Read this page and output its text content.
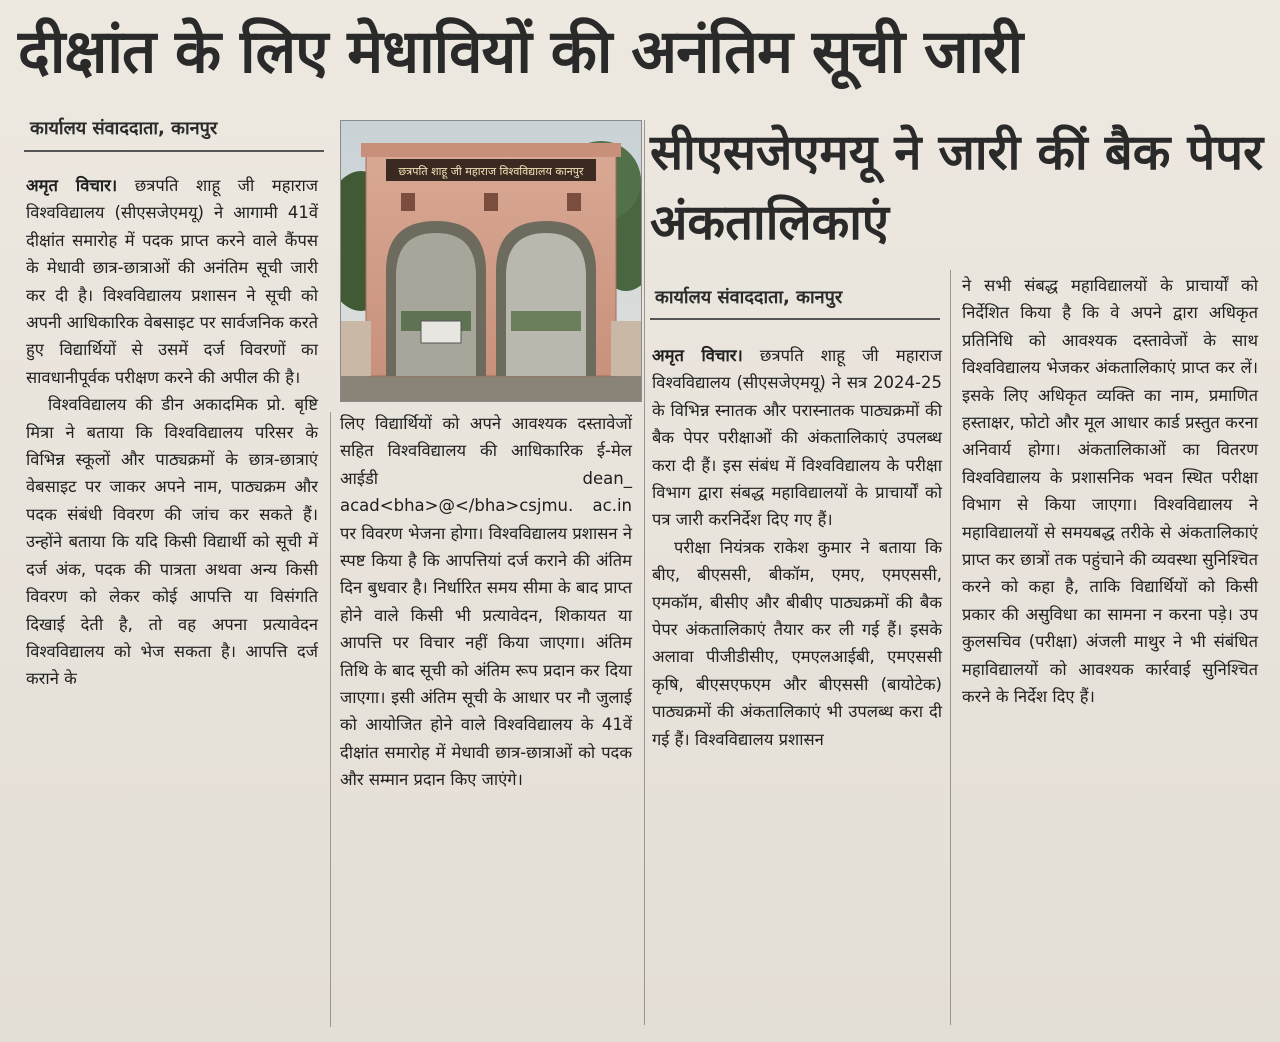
दीक्षांत के लिए मेधावियों की अनंतिम सूची जारी
कार्यालय संवाददाता, कानपुर

अमृत विचार। छत्रपति शाहू जी महाराज विश्वविद्यालय (सीएसजेएमयू) ने आगामी 41वें दीक्षांत समारोह में पदक प्राप्त करने वाले कैंपस के मेधावी छात्र-छात्राओं की अनंतिम सूची जारी कर दी है। विश्वविद्यालय प्रशासन ने सूची को अपनी आधिकारिक वेबसाइट पर सार्वजनिक करते हुए विद्यार्थियों से उसमें दर्ज विवरणों का सावधानीपूर्वक परीक्षण करने की अपील की है।

विश्वविद्यालय की डीन अकादमिक प्रो. बृष्टि मित्रा ने बताया कि विश्वविद्यालय परिसर के विभिन्न स्कूलों और पाठ्यक्रमों के छात्र-छात्राएं वेबसाइट पर जाकर अपने नाम, पाठ्यक्रम और पदक संबंधी विवरण की जांच कर सकते हैं। उन्होंने बताया कि यदि किसी विद्यार्थी को सूची में दर्ज अंक, पदक की पात्रता अथवा अन्य किसी विवरण को लेकर कोई आपत्ति या विसंगति दिखाई देती है, तो वह अपना प्रत्यावेदन विश्वविद्यालय को भेज सकता है। आपत्ति दर्ज कराने के

छत्रपति शाहू जी महाराज विश्वविद्यालय कानपुर

लिए विद्यार्थियों को अपने आवश्यक दस्तावेजों सहित विश्वविद्यालय की आधिकारिक ई-मेल आईडी dean_ acad<bha>@</bha>csjmu. ac.in पर विवरण भेजना होगा। विश्वविद्यालय प्रशासन ने स्पष्ट किया है कि आपत्तियां दर्ज कराने की अंतिम दिन बुधवार है। निर्धारित समय सीमा के बाद प्राप्त होने वाले किसी भी प्रत्यावेदन, शिकायत या आपत्ति पर विचार नहीं किया जाएगा। अंतिम तिथि के बाद सूची को अंतिम रूप प्रदान कर दिया जाएगा। इसी अंतिम सूची के आधार पर नौ जुलाई को आयोजित होने वाले विश्वविद्यालय के 41वें दीक्षांत समारोह में मेधावी छात्र-छात्राओं को पदक और सम्मान प्रदान किए जाएंगे।

सीएसजेएमयू ने जारी कीं बैक पेपर अंकतालिकाएं
कार्यालय संवाददाता, कानपुर

अमृत विचार। छत्रपति शाहू जी महाराज विश्वविद्यालय (सीएसजेएमयू) ने सत्र 2024-25 के विभिन्न स्नातक और परास्नातक पाठ्यक्रमों की बैक पेपर परीक्षाओं की अंकतालिकाएं उपलब्ध करा दी हैं। इस संबंध में विश्वविद्यालय के परीक्षा विभाग द्वारा संबद्ध महाविद्यालयों के प्राचार्यों को पत्र जारी करनिर्देश दिए गए हैं।

परीक्षा नियंत्रक राकेश कुमार ने बताया कि बीए, बीएससी, बीकॉम, एमए, एमएससी, एमकॉम, बीसीए और बीबीए पाठ्यक्रमों की बैक पेपर अंकतालिकाएं तैयार कर ली गई हैं। इसके अलावा पीजीडीसीए, एमएलआईबी, एमएससी कृषि, बीएसएफएम और बीएससी (बायोटेक) पाठ्यक्रमों की अंकतालिकाएं भी उपलब्ध करा दी गई हैं। विश्वविद्यालय प्रशासन

ने सभी संबद्ध महाविद्यालयों के प्राचार्यों को निर्देशित किया है कि वे अपने द्वारा अधिकृत प्रतिनिधि को आवश्यक दस्तावेजों के साथ विश्वविद्यालय भेजकर अंकतालिकाएं प्राप्त कर लें। इसके लिए अधिकृत व्यक्ति का नाम, प्रमाणित हस्ताक्षर, फोटो और मूल आधार कार्ड प्रस्तुत करना अनिवार्य होगा। अंकतालिकाओं का वितरण विश्वविद्यालय के प्रशासनिक भवन स्थित परीक्षा विभाग से किया जाएगा। विश्वविद्यालय ने महाविद्यालयों से समयबद्ध तरीके से अंकतालिकाएं प्राप्त कर छात्रों तक पहुंचाने की व्यवस्था सुनिश्चित करने को कहा है, ताकि विद्यार्थियों को किसी प्रकार की असुविधा का सामना न करना पड़े। उप कुलसचिव (परीक्षा) अंजली माथुर ने भी संबंधित महाविद्यालयों को आवश्यक कार्रवाई सुनिश्चित करने के निर्देश दिए हैं।
